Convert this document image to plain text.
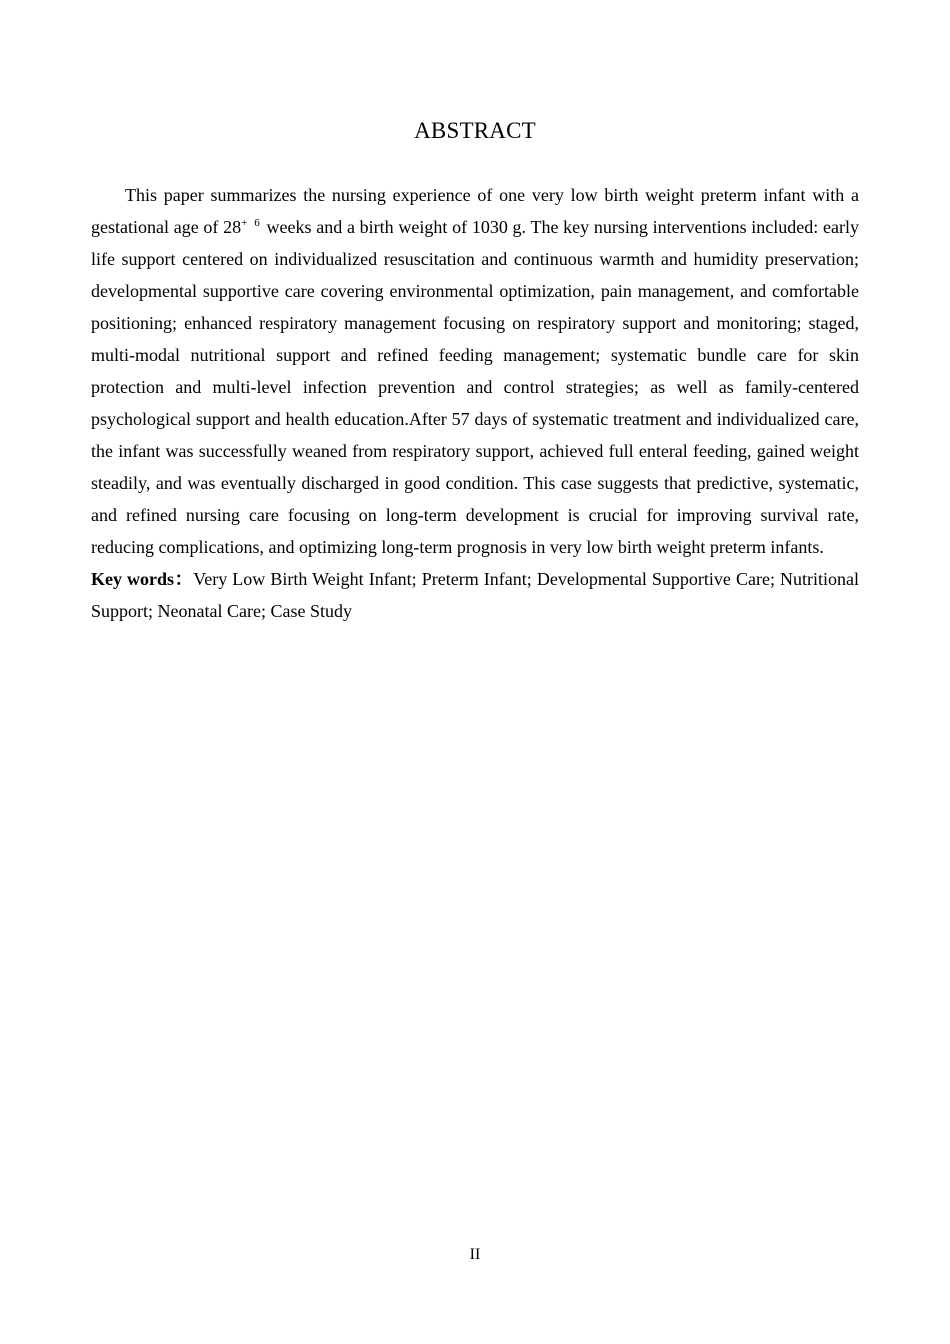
ABSTRACT

This paper summarizes the nursing experience of one very low birth weight preterm infant with a gestational age of $28^{+ 6}$ weeks and a birth weight of 1030 g. The key nursing interventions included: early life support centered on individualized resuscitation and continuous warmth and humidity preservation; developmental supportive care covering environmental optimization, pain management, and comfortable positioning; enhanced respiratory management focusing on respiratory support and monitoring; staged, multi-modal nutritional support and refined feeding management; systematic bundle care for skin protection and multi-level infection prevention and control strategies; as well as family-centered psychological support and health education.After 57 days of systematic treatment and individualized care, the infant was successfully weaned from respiratory support, achieved full enteral feeding, gained weight steadily, and was eventually discharged in good condition. This case suggests that predictive, systematic, and refined nursing care focusing on long-term development is crucial for improving survival rate, reducing complications, and optimizing long-term prognosis in very low birth weight preterm infants.

Key words：Very Low Birth Weight Infant; Preterm Infant; Developmental Supportive Care; Nutritional Support; Neonatal Care; Case Study

II
